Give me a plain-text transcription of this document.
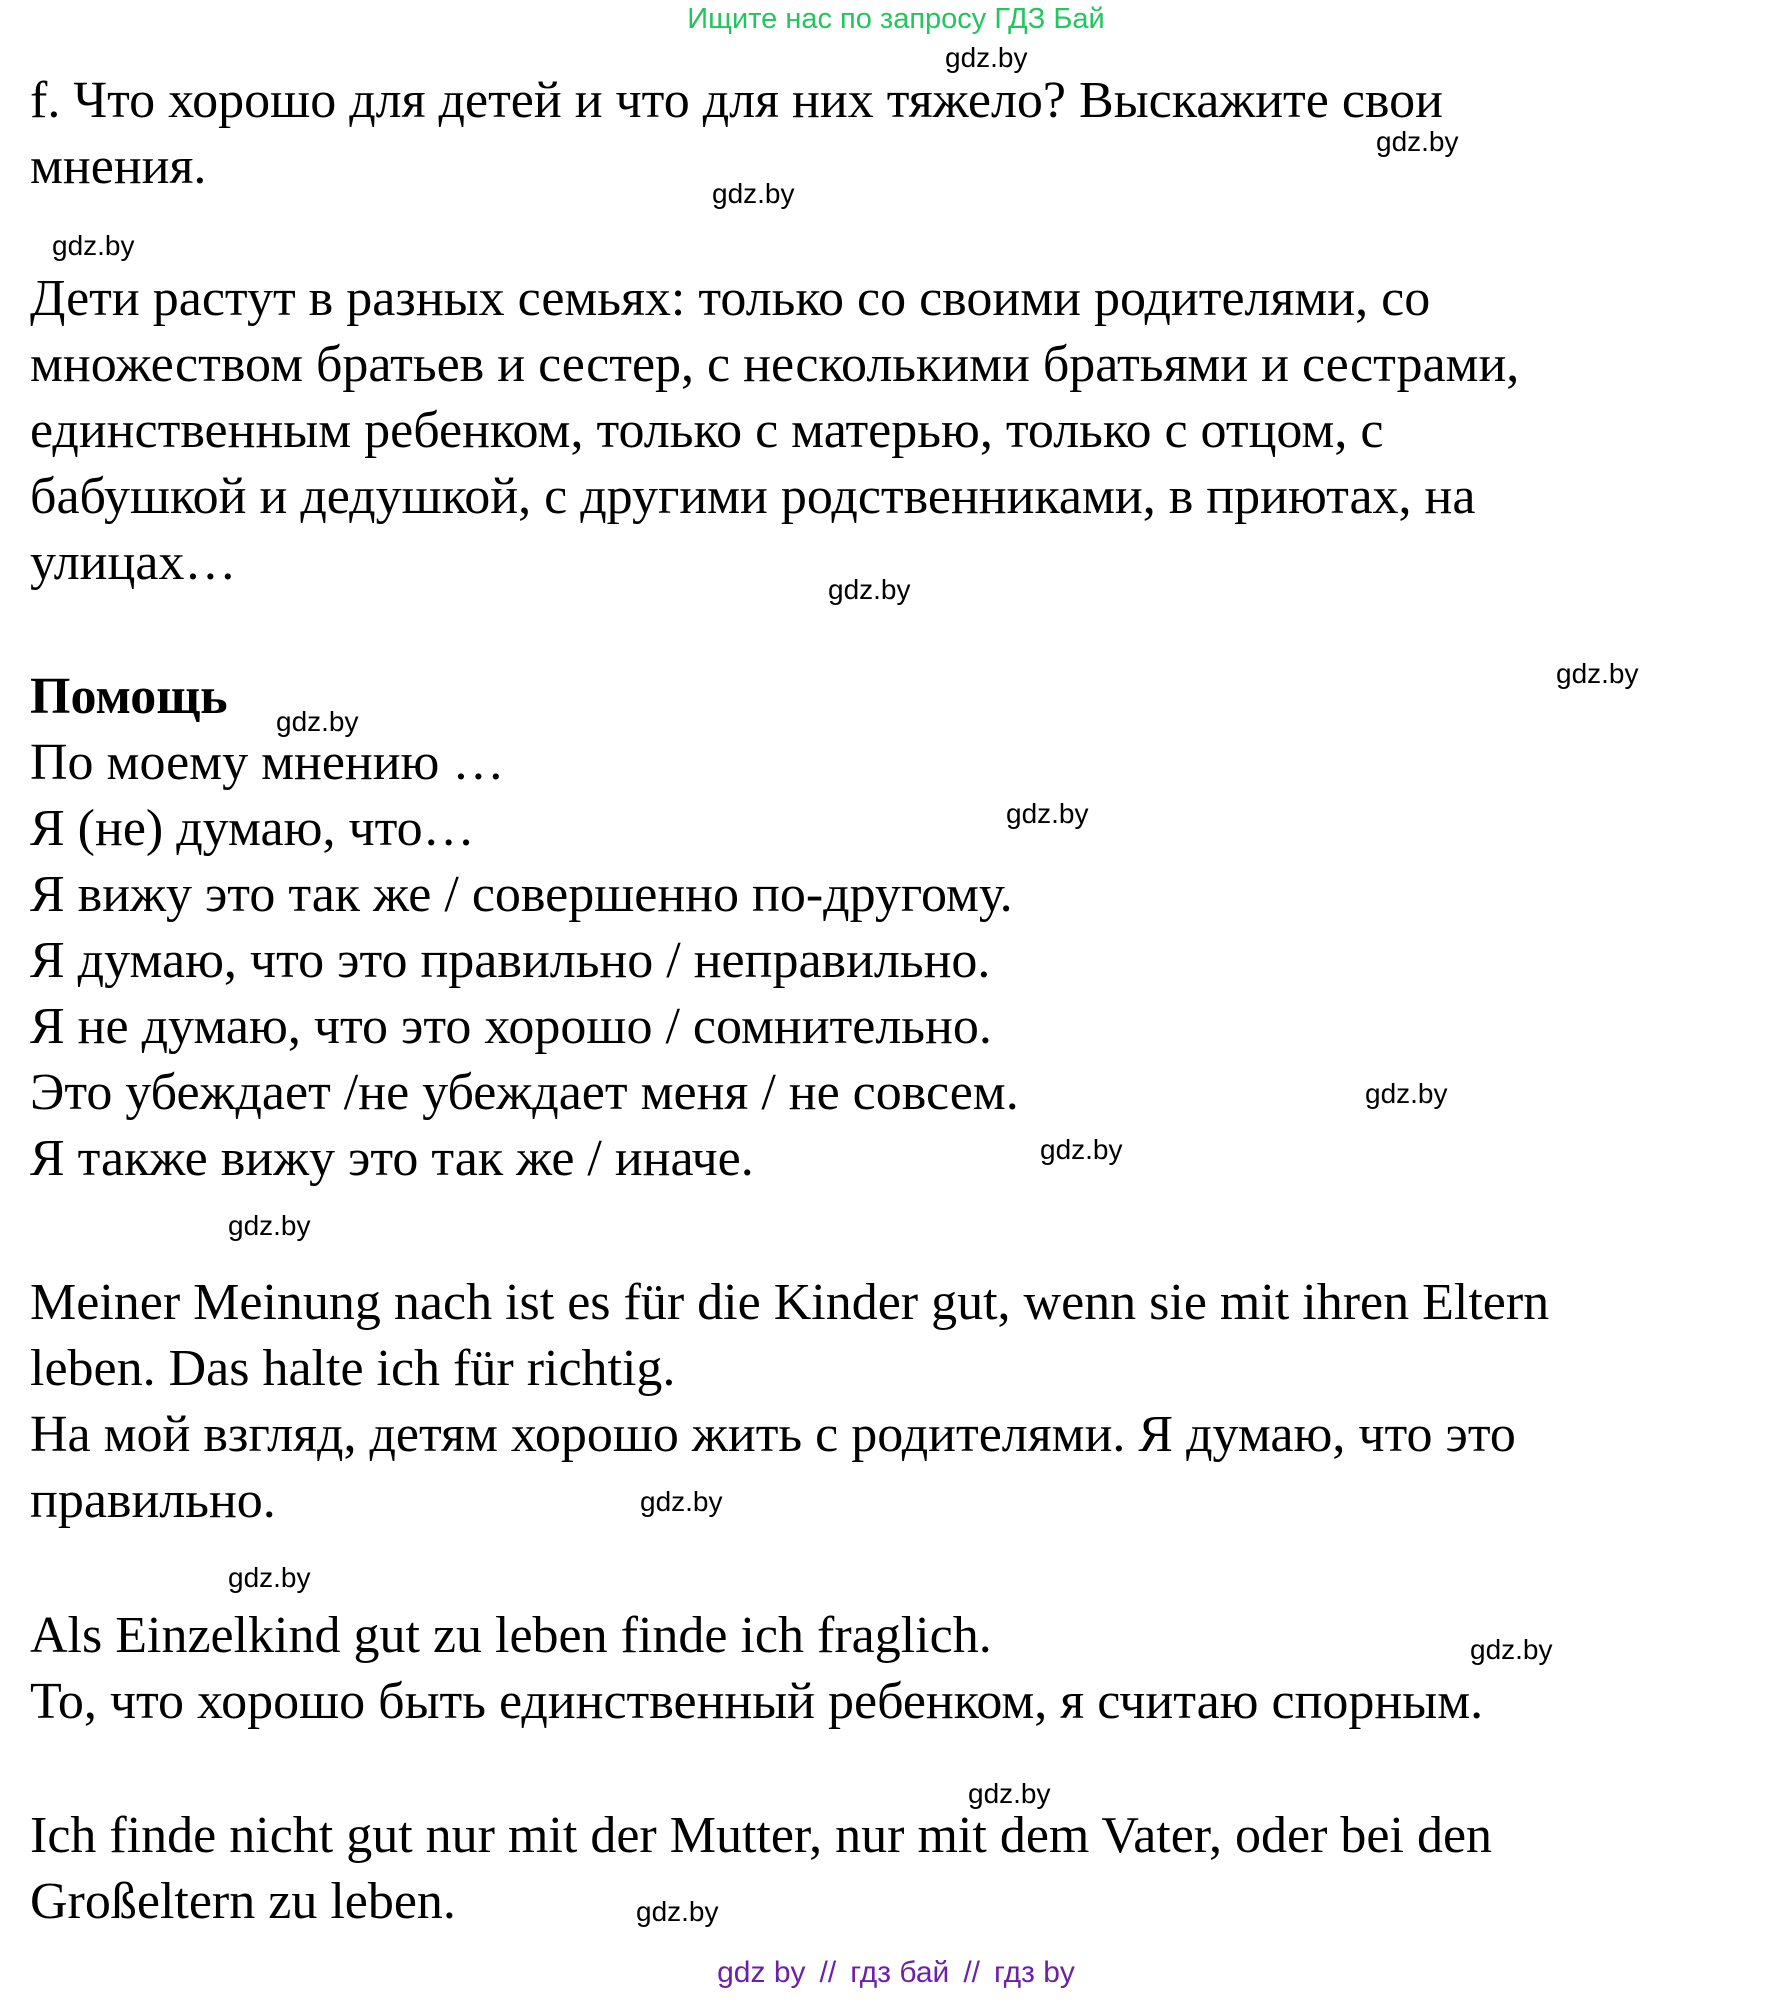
Ищите нас по запросу ГДЗ Бай
f. Что хорошо для детей и что для них тяжело? Выскажите свои
мнения.
Дети растут в разных семьях: только со своими родителями, со
множеством братьев и сестер, с несколькими братьями и сестрами,
единственным ребенком, только с матерью, только с отцом, с
бабушкой и дедушкой, с другими родственниками, в приютах, на
улицах…
Помощь
По моему мнению …
Я (не) думаю, что…
Я вижу это так же / совершенно по-другому.
Я думаю, что это правильно / неправильно.
Я не думаю, что это хорошо / сомнительно.
Это убеждает /не убеждает меня / не совсем.
Я также вижу это так же / иначе.
Meiner Meinung nach ist es für die Kinder gut, wenn sie mit ihren Eltern
leben. Das halte ich für richtig.
На мой взгляд, детям хорошо жить с родителями. Я думаю, что это
правильно.
Als Einzelkind gut zu leben finde ich fraglich.
То, что хорошо быть единственный ребенком, я считаю спорным.
Ich finde nicht gut nur mit der Mutter, nur mit dem Vater, oder bei den
Großeltern zu leben.
gdz.by
gdz.by
gdz.by
gdz.by
gdz.by
gdz.by
gdz.by
gdz.by
gdz.by
gdz.by
gdz.by
gdz.by
gdz.by
gdz.by
gdz.by
gdz.by
gdz by // гдз бай // гдз by
